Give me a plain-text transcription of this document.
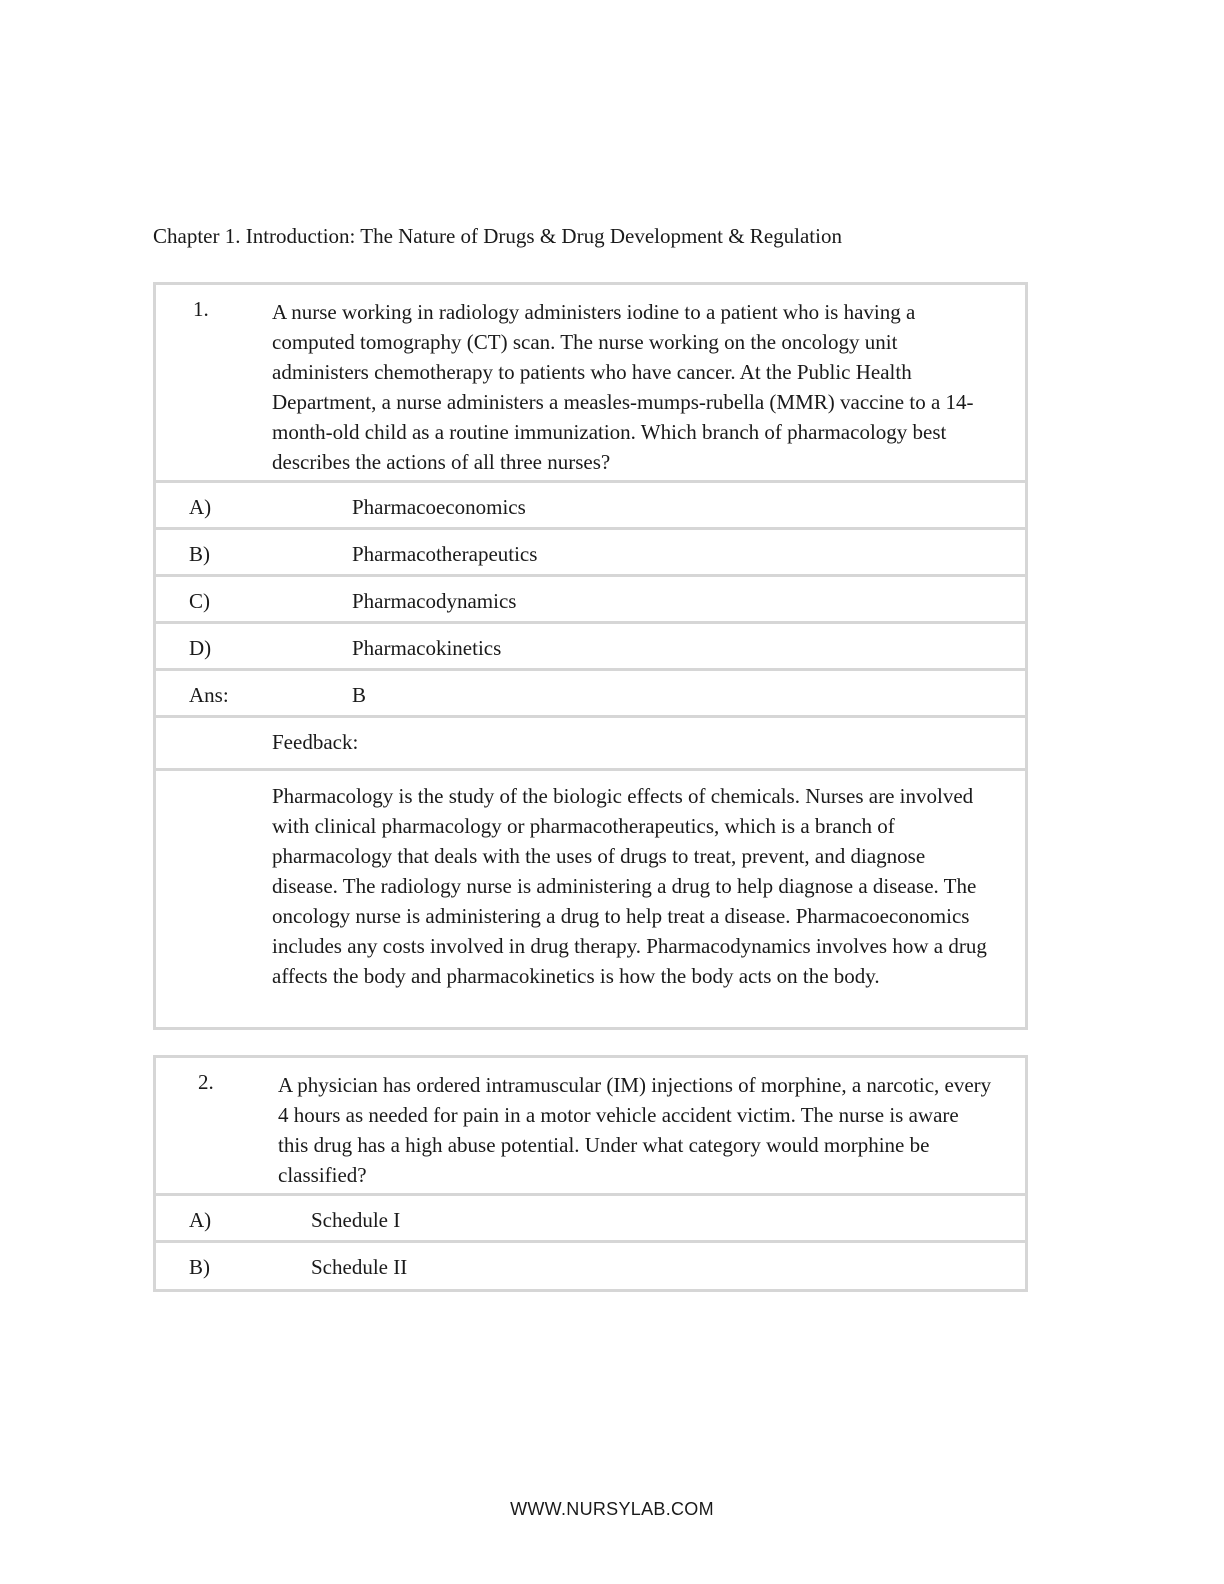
Chapter 1. Introduction: The Nature of Drugs & Drug Development & Regulation
1.	A nurse working in radiology administers iodine to a patient who is having a computed tomography (CT) scan. The nurse working on the oncology unit administers chemotherapy to patients who have cancer. At the Public Health Department, a nurse administers a measles-mumps-rubella (MMR) vaccine to a 14-month-old child as a routine immunization. Which branch of pharmacology best describes the actions of all three nurses?
A)	Pharmacoeconomics
B)	Pharmacotherapeutics
C)	Pharmacodynamics
D)	Pharmacokinetics
Ans:	B
Feedback:
Pharmacology is the study of the biologic effects of chemicals. Nurses are involved with clinical pharmacology or pharmacotherapeutics, which is a branch of pharmacology that deals with the uses of drugs to treat, prevent, and diagnose disease. The radiology nurse is administering a drug to help diagnose a disease. The oncology nurse is administering a drug to help treat a disease. Pharmacoeconomics includes any costs involved in drug therapy. Pharmacodynamics involves how a drug affects the body and pharmacokinetics is how the body acts on the body.
2.	A physician has ordered intramuscular (IM) injections of morphine, a narcotic, every 4 hours as needed for pain in a motor vehicle accident victim. The nurse is aware this drug has a high abuse potential. Under what category would morphine be classified?
A)	Schedule I
B)	Schedule II
WWW.NURSYLAB.COM
